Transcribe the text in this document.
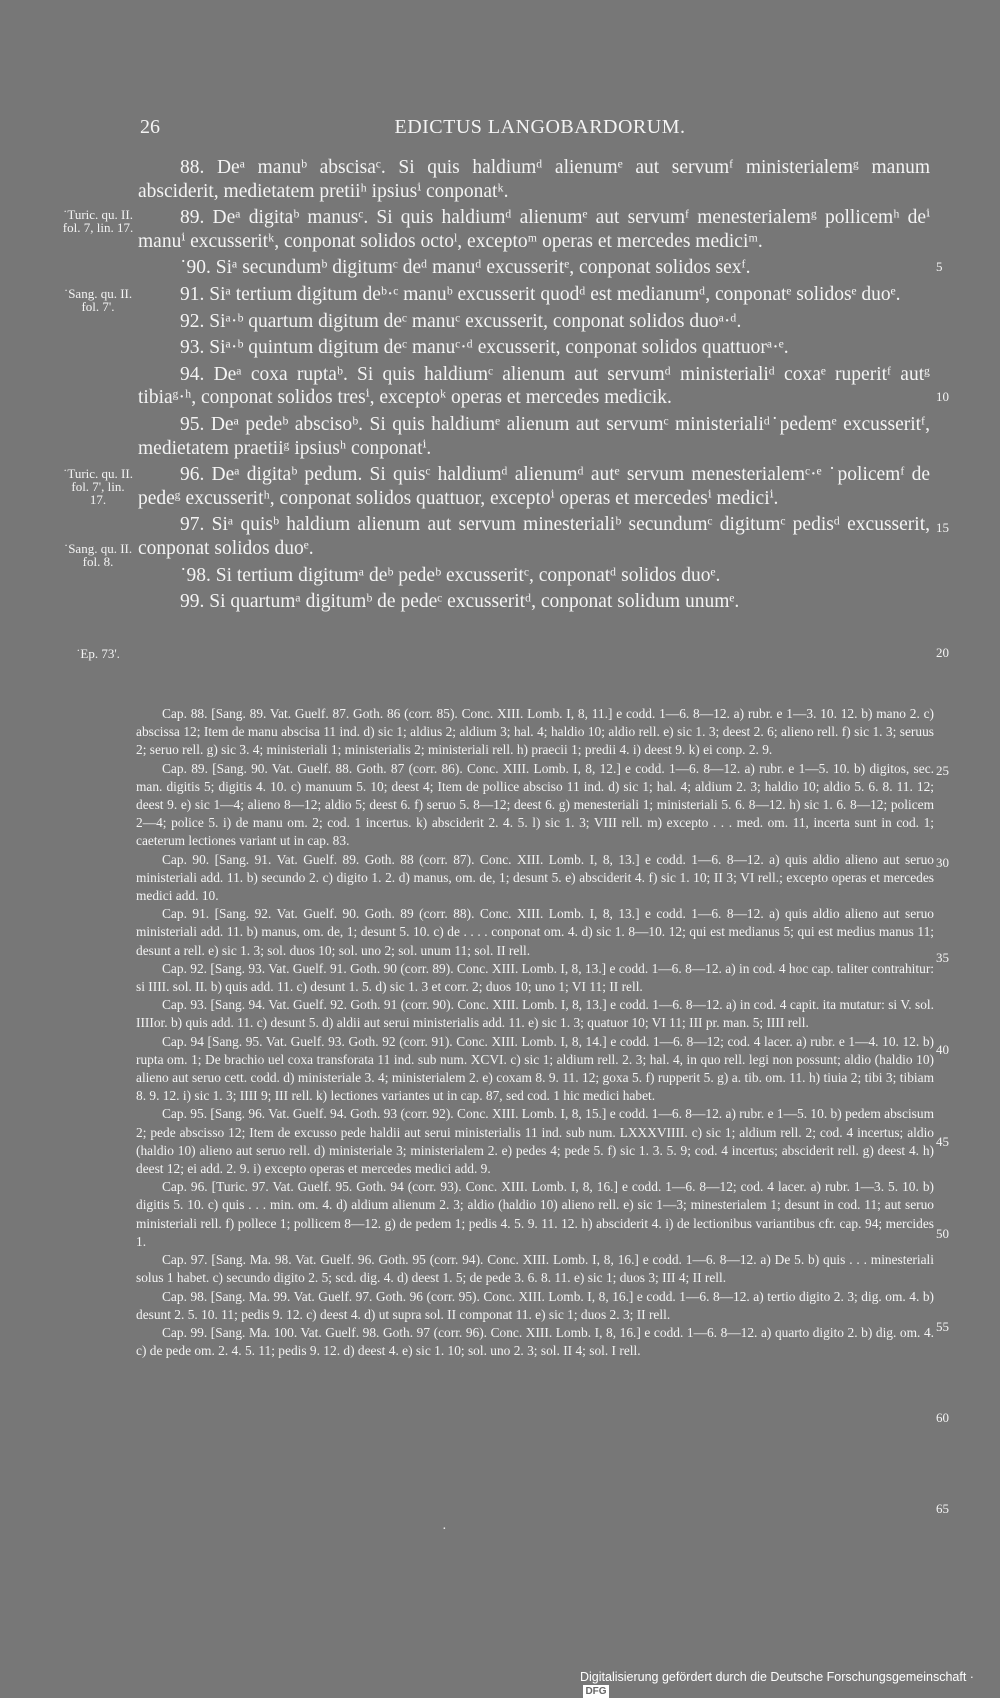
26	EDICTUS LANGOBARDORUM.
˙Turic. qu. II. fol. 7, lin. 17.
˙Sang. qu. II. fol. 7'.
˙Turic. qu. II. fol. 7', lin. 17.
˙Sang. qu. II. fol. 8.
˙Ep. 73'.

88. Deᵃ manuᵇ abscisaᶜ. Si quis haldiumᵈ alienumᵉ aut servumᶠ ministerialemᵍ manum absciderit, medietatem pretiiʰ ipsiusⁱ conponatᵏ.

89. Deᵃ digitaᵇ manusᶜ. Si quis haldiumᵈ alienumᵉ aut servumᶠ menesterialemᵍ pollicemʰ deⁱ manuⁱ excusseritᵏ, conponat solidos octoˡ, exceptoᵐ operas et mercedes mediciᵐ.

˙90. Siᵃ secundumᵇ digitumᶜ deᵈ manuᵈ excusseritᵉ, conponat solidos sexᶠ.

91. Siᵃ tertium digitum deᵇ·ᶜ manuᵇ excusserit quodᵈ est medianumᵈ, conponatᵉ solidosᵉ duoᵉ.

92. Siᵃ·ᵇ quartum digitum deᶜ manuᶜ excusserit, conponat solidos duoᵃ·ᵈ.

93. Siᵃ·ᵇ quintum digitum deᶜ manuᶜ·ᵈ excusserit, conponat solidos quattuorᵃ·ᵉ.

94. Deᵃ coxa ruptaᵇ. Si quis haldiumᶜ alienum aut servumᵈ ministerialiᵈ coxaᵉ ruperitᶠ autᵍ tibiaᵍ·ʰ, conponat solidos tresⁱ, exceptoᵏ operas et mercedes medicik.

95. Deᵃ pedeᵇ abscisoᵇ. Si quis haldiumᵉ alienum aut servumᶜ ministerialiᵈ˙pedemᵉ excusseritᶠ, medietatem praetiiᵍ ipsiusʰ conponatⁱ.

96. Deᵃ digitaᵇ pedum. Si quisᶜ haldiumᵈ alienumᵈ autᵉ servum menesterialemᶜ·ᵉ ˙policemᶠ de pedeᵍ excusseritʰ, conponat solidos quattuor, exceptoⁱ operas et mercedesⁱ mediciⁱ.

97. Siᵃ quisᵇ haldium alienum aut servum minesterialiᵇ secundumᶜ digitumᶜ pedisᵈ excusserit, conponat solidos duoᵉ.

˙98. Si tertium digitumᵃ deᵇ pedeᵇ excusseritᶜ, conponatᵈ solidos duoᵉ.

99. Si quartumᵃ digitumᵇ de pedeᶜ excusseritᵈ, conponat solidum unumᵉ.

5
10
15
20
25
30
35
40
45
50
55
60
65

Cap. 88. [Sang. 89. Vat. Guelf. 87. Goth. 86 (corr. 85). Conc. XIII. Lomb. I, 8, 11.] e codd. 1—6. 8—12. a) rubr. e 1—3. 10. 12. b) mano 2. c) abscissa 12; Item de manu abscisa 11 ind. d) sic 1; aldius 2; aldium 3; hal. 4; haldio 10; aldio rell. e) sic 1. 3; deest 2. 6; alieno rell. f) sic 1. 3; seruus 2; seruo rell. g) sic 3. 4; ministeriali 1; ministerialis 2; ministeriali rell. h) praecii 1; predii 4. i) deest 9. k) ei conp. 2. 9.

Cap. 89. [Sang. 90. Vat. Guelf. 88. Goth. 87 (corr. 86). Conc. XIII. Lomb. I, 8, 12.] e codd. 1—6. 8—12. a) rubr. e 1—5. 10. b) digitos, sec. man. digitis 5; digitis 4. 10. c) manuum 5. 10; deest 4; Item de pollice absciso 11 ind. d) sic 1; hal. 4; aldium 2. 3; haldio 10; aldio 5. 6. 8. 11. 12; deest 9. e) sic 1—4; alieno 8—12; aldio 5; deest 6. f) seruo 5. 8—12; deest 6. g) menesteriali 1; ministeriali 5. 6. 8—12. h) sic 1. 6. 8—12; policem 2—4; police 5. i) de manu om. 2; cod. 1 incertus. k) absciderit 2. 4. 5. l) sic 1. 3; VIII rell. m) excepto . . . med. om. 11, incerta sunt in cod. 1; caeterum lectiones variant ut in cap. 83.

Cap. 90. [Sang. 91. Vat. Guelf. 89. Goth. 88 (corr. 87). Conc. XIII. Lomb. I, 8, 13.] e codd. 1—6. 8—12. a) quis aldio alieno aut seruo ministeriali add. 11. b) secundo 2. c) digito 1. 2. d) manus, om. de, 1; desunt 5. e) absciderit 4. f) sic 1. 10; II 3; VI rell.; excepto operas et mercedes medici add. 10.

Cap. 91. [Sang. 92. Vat. Guelf. 90. Goth. 89 (corr. 88). Conc. XIII. Lomb. I, 8, 13.] e codd. 1—6. 8—12. a) quis aldio alieno aut seruo ministeriali add. 11. b) manus, om. de, 1; desunt 5. 10. c) de . . . . conponat om. 4. d) sic 1. 8—10. 12; qui est medianus 5; qui est medius manus 11; desunt a rell. e) sic 1. 3; sol. duos 10; sol. uno 2; sol. unum 11; sol. II rell.

Cap. 92. [Sang. 93. Vat. Guelf. 91. Goth. 90 (corr. 89). Conc. XIII. Lomb. I, 8, 13.] e codd. 1—6. 8—12. a) in cod. 4 hoc cap. taliter contrahitur: si IIII. sol. II. b) quis add. 11. c) desunt 1. 5. d) sic 1. 3 et corr. 2; duos 10; uno 1; VI 11; II rell.

Cap. 93. [Sang. 94. Vat. Guelf. 92. Goth. 91 (corr. 90). Conc. XIII. Lomb. I, 8, 13.] e codd. 1—6. 8—12. a) in cod. 4 capit. ita mutatur: si V. sol. IIIIor. b) quis add. 11. c) desunt 5. d) aldii aut serui ministerialis add. 11. e) sic 1. 3; quatuor 10; VI 11; III pr. man. 5; IIII rell.

Cap. 94 [Sang. 95. Vat. Guelf. 93. Goth. 92 (corr. 91). Conc. XIII. Lomb. I, 8, 14.] e codd. 1—6. 8—12; cod. 4 lacer. a) rubr. e 1—4. 10. 12. b) rupta om. 1; De brachio uel coxa transforata 11 ind. sub num. XCVI. c) sic 1; aldium rell. 2. 3; hal. 4, in quo rell. legi non possunt; aldio (haldio 10) alieno aut seruo cett. codd. d) ministeriale 3. 4; ministerialem 2. e) coxam 8. 9. 11. 12; goxa 5. f) rupperit 5. g) a. tib. om. 11. h) tiuia 2; tibi 3; tibiam 8. 9. 12. i) sic 1. 3; IIII 9; III rell. k) lectiones variantes ut in cap. 87, sed cod. 1 hic medici habet.

Cap. 95. [Sang. 96. Vat. Guelf. 94. Goth. 93 (corr. 92). Conc. XIII. Lomb. I, 8, 15.] e codd. 1—6. 8—12. a) rubr. e 1—5. 10. b) pedem abscisum 2; pede abscisso 12; Item de excusso pede haldii aut serui ministerialis 11 ind. sub num. LXXXVIIII. c) sic 1; aldium rell. 2; cod. 4 incertus; aldio (haldio 10) alieno aut seruo rell. d) ministeriale 3; ministerialem 2. e) pedes 4; pede 5. f) sic 1. 3. 5. 9; cod. 4 incertus; absciderit rell. g) deest 4. h) deest 12; ei add. 2. 9. i) excepto operas et mercedes medici add. 9.

Cap. 96. [Turic. 97. Vat. Guelf. 95. Goth. 94 (corr. 93). Conc. XIII. Lomb. I, 8, 16.] e codd. 1—6. 8—12; cod. 4 lacer. a) rubr. 1—3. 5. 10. b) digitis 5. 10. c) quis . . . min. om. 4. d) aldium alienum 2. 3; aldio (haldio 10) alieno rell. e) sic 1—3; minesterialem 1; desunt in cod. 11; aut seruo ministeriali rell. f) pollece 1; pollicem 8—12. g) de pedem 1; pedis 4. 5. 9. 11. 12. h) absciderit 4. i) de lectionibus variantibus cfr. cap. 94; mercides 1.

Cap. 97. [Sang. Ma. 98. Vat. Guelf. 96. Goth. 95 (corr. 94). Conc. XIII. Lomb. I, 8, 16.] e codd. 1—6. 8—12. a) De 5. b) quis . . . minesteriali solus 1 habet. c) secundo digito 2. 5; scd. dig. 4. d) deest 1. 5; de pede 3. 6. 8. 11. e) sic 1; duos 3; III 4; II rell.

Cap. 98. [Sang. Ma. 99. Vat. Guelf. 97. Goth. 96 (corr. 95). Conc. XIII. Lomb. I, 8, 16.] e codd. 1—6. 8—12. a) tertio digito 2. 3; dig. om. 4. b) desunt 2. 5. 10. 11; pedis 9. 12. c) deest 4. d) ut supra sol. II componat 11. e) sic 1; duos 2. 3; II rell.

Cap. 99. [Sang. Ma. 100. Vat. Guelf. 98. Goth. 97 (corr. 96). Conc. XIII. Lomb. I, 8, 16.] e codd. 1—6. 8—12. a) quarto digito 2. b) dig. om. 4. c) de pede om. 2. 4. 5. 11; pedis 9. 12. d) deest 4. e) sic 1. 10; sol. uno 2. 3; sol. II 4; sol. I rell.

·
Digitalisierung gefördert durch die Deutsche Forschungsgemeinschaft · DFG
